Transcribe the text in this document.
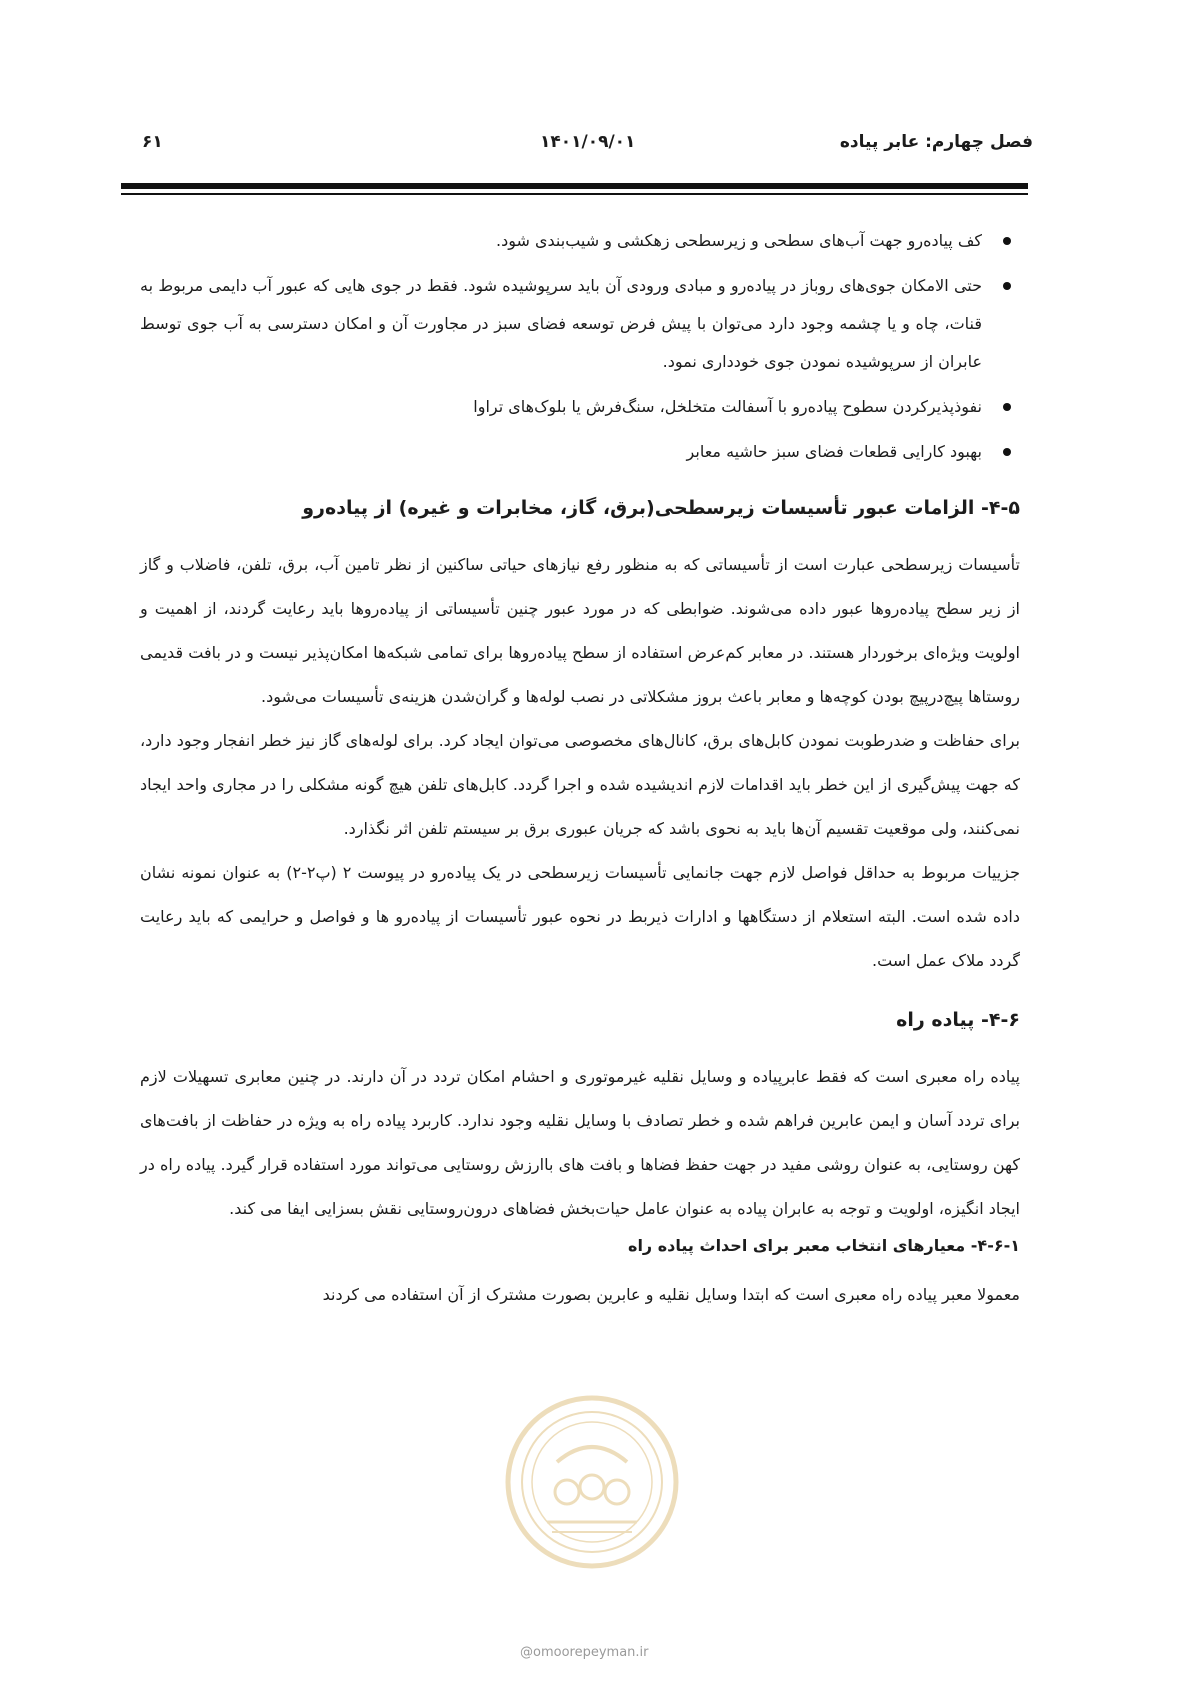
فصل چهارم: عابر پیاده
۱۴۰۱/۰۹/۰۱
۶۱
کف پیاده‌رو جهت آب‌های سطحی و زیرسطحی زهکشی و شیب‌بندی شود.
حتی الامکان جوی‌های روباز در پیاده‌رو و مبادی ورودی آن باید سرپوشیده شود. فقط در جوی هایی که عبور آب دایمی مربوط به قنات، چاه و یا چشمه وجود دارد می‌توان با پیش فرض توسعه فضای سبز در مجاورت آن و امکان دسترسی به آب جوی توسط عابران از سرپوشیده نمودن جوی خودداری نمود.
نفوذپذیرکردن سطوح پیاده‌رو با آسفالت متخلخل، سنگ‌فرش یا بلوک‌های تراوا
بهبود کارایی قطعات فضای سبز حاشیه معابر
۴-۵- الزامات عبور تأسیسات زیرسطحی(برق، گاز، مخابرات و غیره) از پیاده‌رو

تأسیسات زیرسطحی عبارت است از تأسیساتی که به منظور رفع نیازهای حیاتی ساکنین از نظر تامین آب، برق، تلفن، فاضلاب و گاز از زیر سطح پیاده‌روها عبور داده می‌شوند. ضوابطی که در مورد عبور چنین تأسیساتی از پیاده‌روها باید رعایت گردند، از اهمیت و اولویت ویژه‌ای برخوردار هستند. در معابر کم‌عرض استفاده از سطح پیاده‌روها برای تمامی شبکه‌ها امکان‌پذیر نیست و در بافت قدیمی روستاها پیچ‌درپیچ بودن کوچه‌ها و معابر باعث بروز مشکلاتی در نصب لوله‌ها و گران‌شدن هزینه‌ی تأسیسات می‌شود.

برای حفاظت و ضدرطوبت نمودن کابل‌های برق، کانال‌های مخصوصی می‌توان ایجاد کرد. برای لوله‌های گاز نیز خطر انفجار وجود دارد، که جهت پیش‌گیری از این خطر باید اقدامات لازم اندیشیده شده و اجرا گردد. کابل‌های تلفن هیچ گونه مشکلی را در مجاری واحد ایجاد نمی‌کنند، ولی موقعیت تقسیم آن‌ها باید به نحوی باشد که جریان عبوری برق بر سیستم تلفن اثر نگذارد.

جزییات مربوط به حداقل فواصل لازم جهت جانمایی تأسیسات زیرسطحی در یک پیاده‌رو در پیوست ۲ (پ۲-۲) به عنوان نمونه نشان داده شده است. البته استعلام از دستگاهها و ادارات ذیربط در نحوه عبور تأسیسات از پیاده‌رو ها و فواصل و حرایمی که باید رعایت گردد ملاک عمل است.

۴-۶- پیاده راه

پیاده راه معبری است که فقط عابرپیاده و وسایل نقلیه غیرموتوری و احشام امکان تردد در آن دارند. در چنین معابری تسهیلات لازم برای تردد آسان و ایمن عابرین فراهم شده و خطر تصادف با وسایل نقلیه وجود ندارد. کاربرد پیاده راه به ویژه در حفاظت از بافت‌های کهن روستایی، به عنوان روشی مفید در جهت حفظ فضاها و بافت های باارزش روستایی می‌تواند مورد استفاده قرار گیرد. پیاده راه در ایجاد انگیزه، اولویت و توجه به عابران پیاده به عنوان عامل حیات‌بخش فضاهای درون‌روستایی نقش بسزایی ایفا می کند.

۴-۶-۱- معیارهای انتخاب معبر برای احداث پیاده راه

معمولا معبر پیاده راه معبری است که ابتدا وسایل نقلیه و عابرین بصورت مشترک از آن استفاده می کردند

@omoorepeyman.ir
